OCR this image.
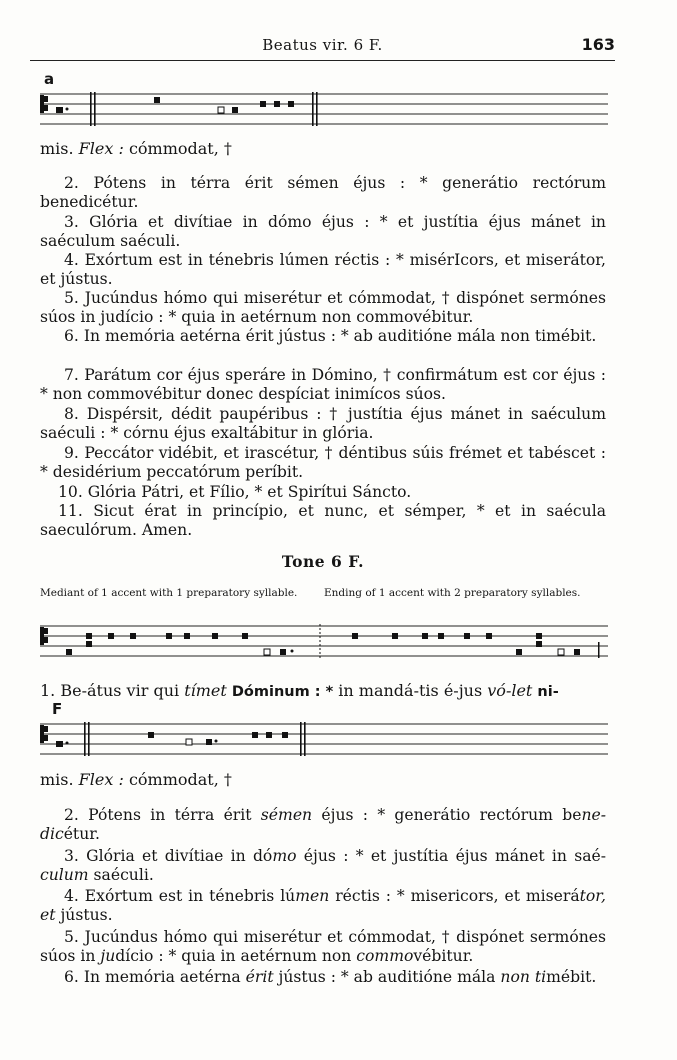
Beatus vir. 6 F.	163
a
mis. Flex : cómmodat, †
2. Pótens in térra érit sémen éjus : * generátio rectórum benedicétur.
3. Glória et divítiae in dómo éjus : * et justítia éjus mánet in saéculum saéculi.
4. Exórtum est in ténebris lúmen réctis : * misérIcors, et miserátor, et jústus.
5. Jucúndus hómo qui miserétur et cómmodat, † dispónet sermónes súos in judício : * quia in aetérnum non commovébitur.
6. In memória aetérna érit jústus : * ab auditióne mála non timébit.
7. Parátum cor éjus speráre in Dómino, † confirmátum est cor éjus : * non commovébitur donec despíciat inimícos súos.
8. Dispérsit, dédit paupéribus : † justítia éjus mánet in saéculum saéculi : * córnu éjus exaltábitur in glória.
9. Peccátor vidébit, et irascétur, † déntibus súis frémet et tabéscet : * desidérium peccatórum períbit.
10. Glória Pátri, et Fílio, * et Spirítui Sáncto.
11. Sicut érat in princípio, et nunc, et sémper, * et in saécula saeculórum. Amen.
Tone 6 F.
Mediant of 1 accent with 1 preparatory syllable.	Ending of 1 accent with 2 preparatory syllables.
1. Be-átus vir qui tímet Dóminum : * in mandá-tis é-jus vó-let ni-
F
mis. Flex : cómmodat, †
2. Pótens in térra érit sémen éjus : * generátio rectórum bene- dicétur.
3. Glória et divítiae in dómo éjus : * et justítia éjus mánet in saé-culum saéculi.
4. Exórtum est in ténebris lúmen réctis : * misericors, et miserátor, et jústus.
5. Jucúndus hómo qui miserétur et cómmodat, † dispónet sermónes súos in judício : * quia in aetérnum non commovébitur.
6. In memória aetérna érit jústus : * ab auditióne mála non timébit.
